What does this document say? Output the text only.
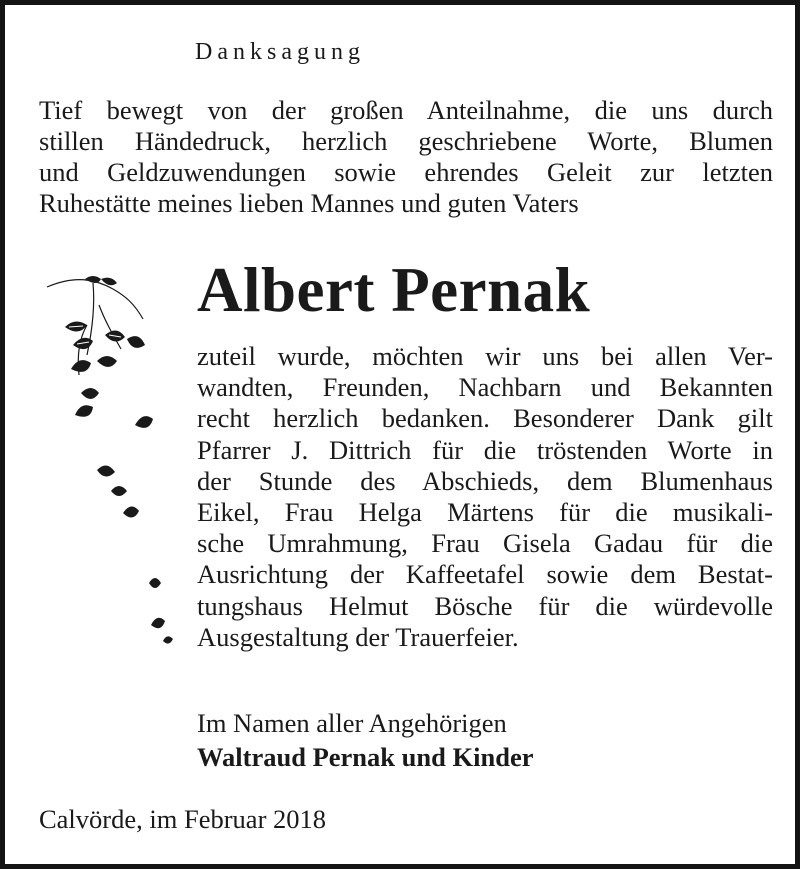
Danksagung
Tief bewegt von der großen Anteilnahme, die uns durch
stillen Händedruck, herzlich geschriebene Worte, Blumen
und Geldzuwendungen sowie ehrendes Geleit zur letzten
Ruhestätte meines lieben Mannes und guten Vaters
Albert Pernak
zuteil wurde, möchten wir uns bei allen Ver-
wandten, Freunden, Nachbarn und Bekannten
recht herzlich bedanken. Besonderer Dank gilt
Pfarrer J. Dittrich für die tröstenden Worte in
der Stunde des Abschieds, dem Blumenhaus
Eikel, Frau Helga Märtens für die musikali-
sche Umrahmung, Frau Gisela Gadau für die
Ausrichtung der Kaffeetafel sowie dem Bestat-
tungshaus Helmut Bösche für die würdevolle
Ausgestaltung der Trauerfeier.
Im Namen aller Angehörigen
Waltraud Pernak und Kinder
Calvörde, im Februar 2018
